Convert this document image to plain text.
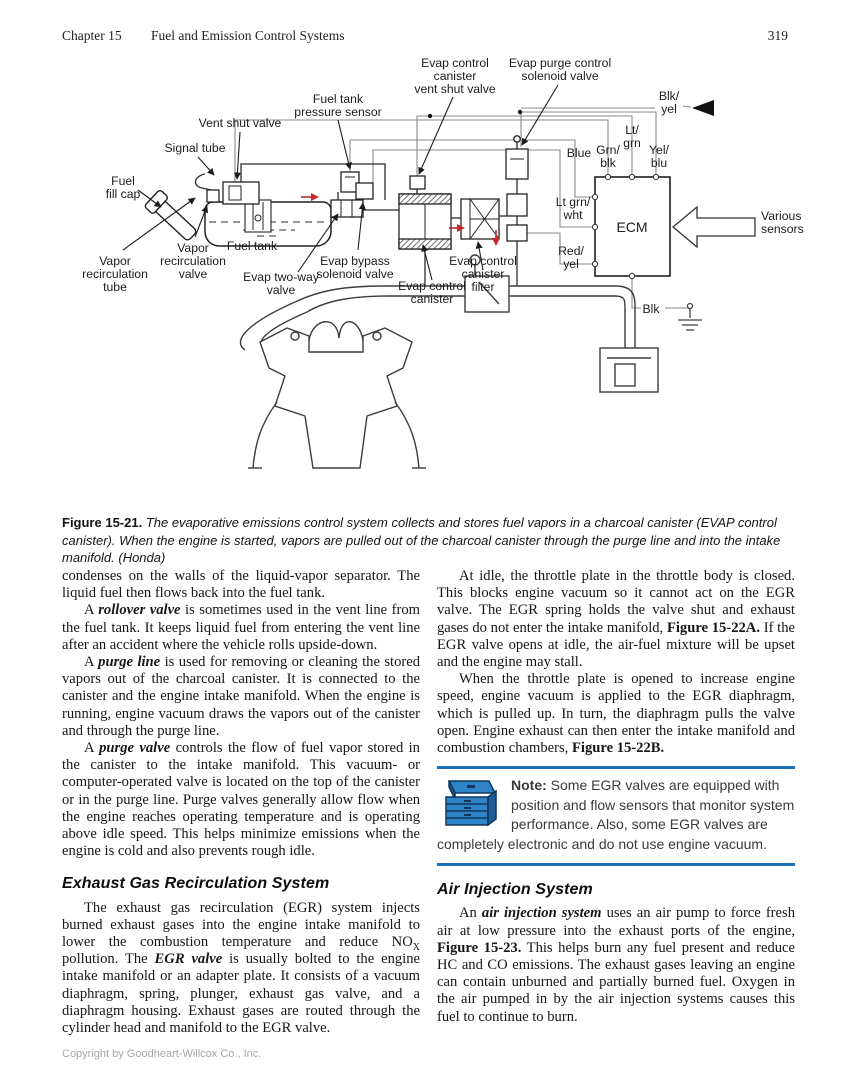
Chapter 15 Fuel and Emission Control Systems	319
Evap control canister vent shut valve
Evap purge control solenoid valve
Fuel tank pressure sensor
Vent shut valve
Signal tube
Fuel fill cap
Vapor recirculation tube
Vapor recirculation valve
Fuel tank
Evap two-way valve
Evap bypass solenoid valve
Evap control canister
Evap control canister filter
Blue Grn/ blk
Lt/ grn Yel/ blu
Lt grn/ wht
Red/ yel
Blk/ yel
Blk
ECM
Various sensors
Figure 15-21. The evaporative emissions control system collects and stores fuel vapors in a charcoal canister (EVAP control canister). When the engine is started, vapors are pulled out of the charcoal canister through the purge line and into the intake manifold. (Honda)

condenses on the walls of the liquid-vapor separator. The liquid fuel then flows back into the fuel tank.

A rollover valve is sometimes used in the vent line from the fuel tank. It keeps liquid fuel from entering the vent line after an accident where the vehicle rolls upside-down.

A purge line is used for removing or cleaning the stored vapors out of the charcoal canister. It is connected to the canister and the engine intake manifold. When the engine is running, engine vacuum draws the vapors out of the canister and through the purge line.

A purge valve controls the flow of fuel vapor stored in the canister to the intake manifold. This vacuum- or computer-operated valve is located on the top of the canister or in the purge line. Purge valves generally allow flow when the engine reaches operating temperature and is operating above idle speed. This helps minimize emissions when the engine is cold and also prevents rough idle.

Exhaust Gas Recirculation System

The exhaust gas recirculation (EGR) system injects burned exhaust gases into the engine intake manifold to lower the combustion temperature and reduce $NO_X$ pollution. The EGR valve is usually bolted to the engine intake manifold or an adapter plate. It consists of a vacuum diaphragm, spring, plunger, exhaust gas valve, and a diaphragm housing. Exhaust gases are routed through the cylinder head and manifold to the EGR valve.

At idle, the throttle plate in the throttle body is closed. This blocks engine vacuum so it cannot act on the EGR valve. The EGR spring holds the valve shut and exhaust gases do not enter the intake manifold, Figure 15-22A. If the EGR valve opens at idle, the air-fuel mixture will be upset and the engine may stall.

When the throttle plate is opened to increase engine speed, engine vacuum is applied to the EGR diaphragm, which is pulled up. In turn, the diaphragm pulls the valve open. Engine exhaust can then enter the intake manifold and combustion chambers, Figure 15-22B.

Note: Some EGR valves are equipped with position and flow sensors that monitor system performance. Also, some EGR valves are completely electronic and do not use engine vacuum.
Air Injection System

An air injection system uses an air pump to force fresh air at low pressure into the exhaust ports of the engine, Figure 15-23. This helps burn any fuel present and reduce HC and CO emissions. The exhaust gases leaving an engine can contain unburned and partially burned fuel. Oxygen in the air pumped in by the air injection systems causes this fuel to continue to burn.

Copyright by Goodheart-Willcox Co., Inc.
